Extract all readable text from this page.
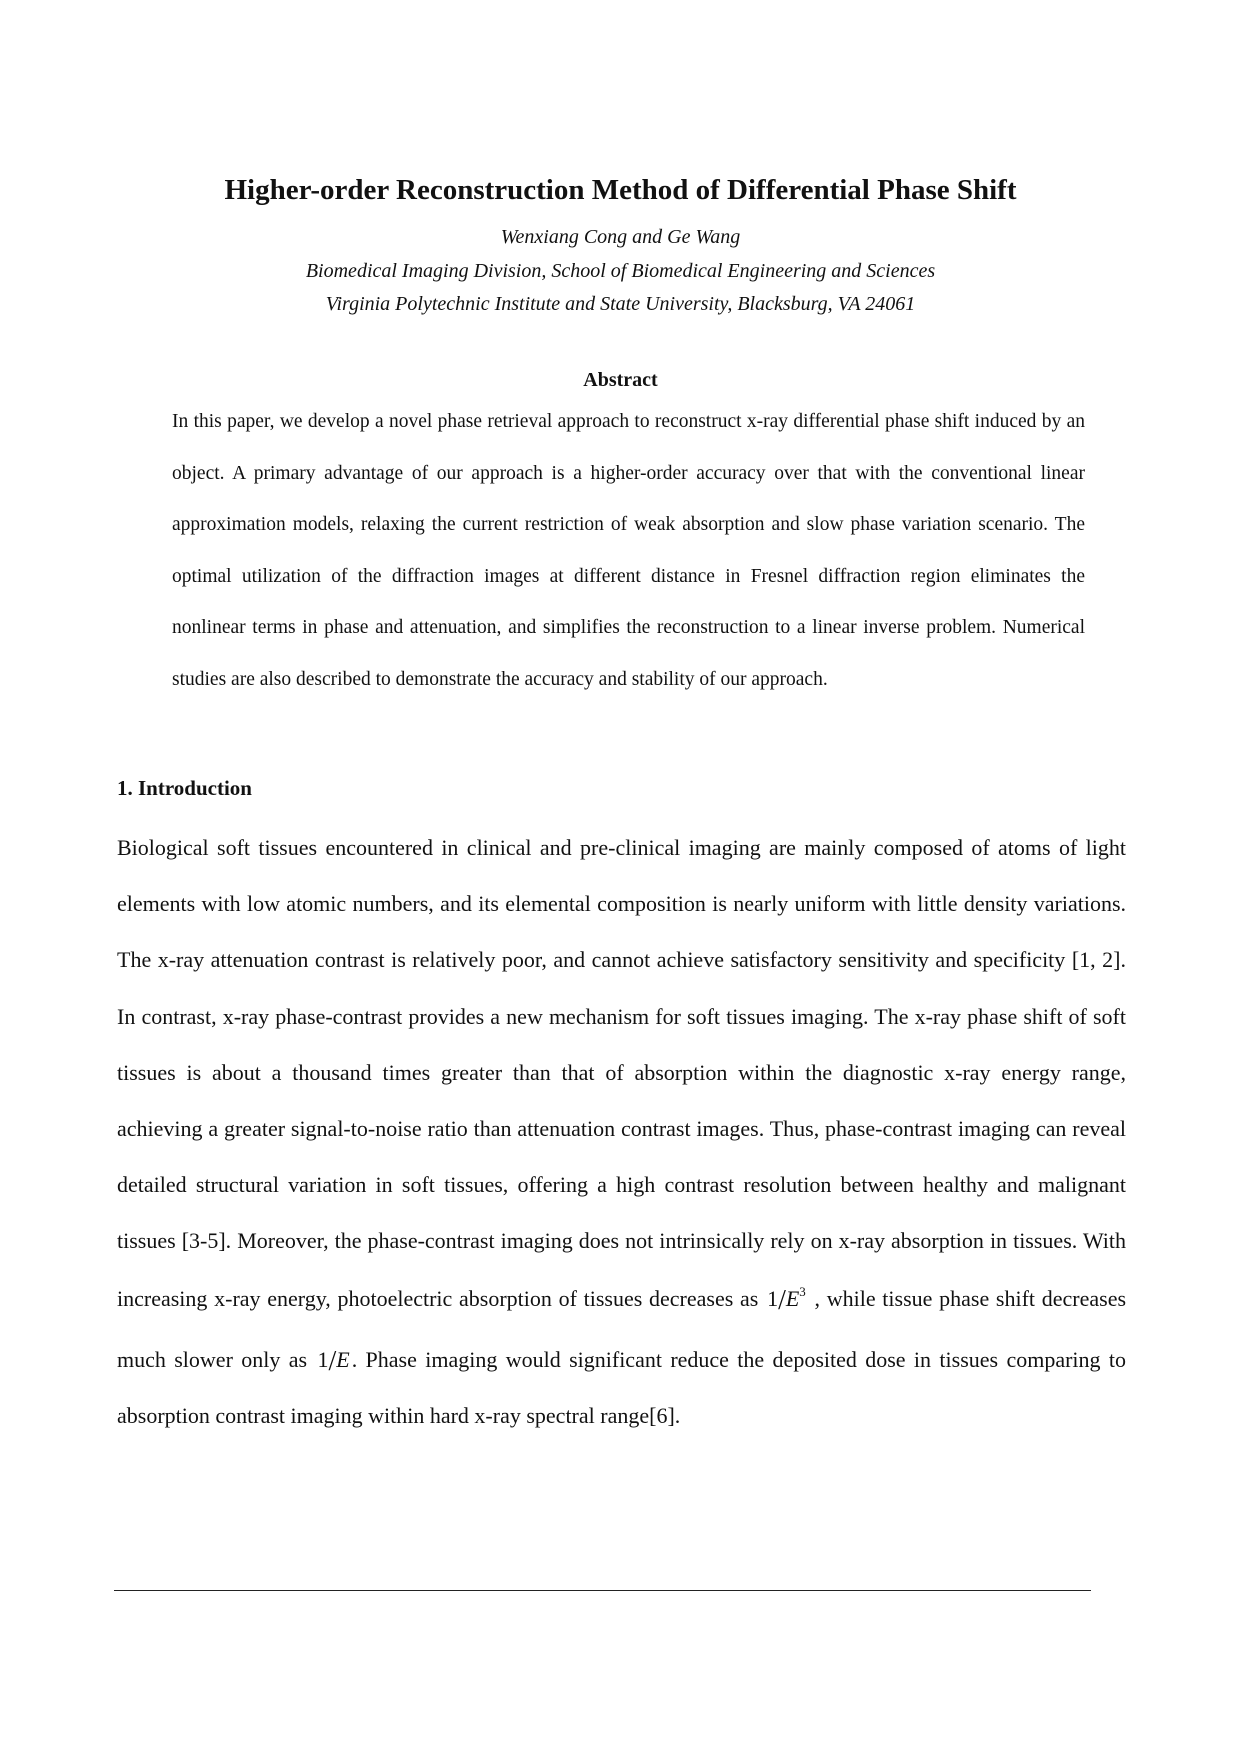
Higher-order Reconstruction Method of Differential Phase Shift
Wenxiang Cong and Ge Wang
Biomedical Imaging Division, School of Biomedical Engineering and Sciences
Virginia Polytechnic Institute and State University, Blacksburg, VA 24061
Abstract

In this paper, we develop a novel phase retrieval approach to reconstruct x-ray differential phase shift induced by an object. A primary advantage of our approach is a higher-order accuracy over that with the conventional linear approximation models, relaxing the current restriction of weak absorption and slow phase variation scenario. The optimal utilization of the diffraction images at different distance in Fresnel diffraction region eliminates the nonlinear terms in phase and attenuation, and simplifies the reconstruction to a linear inverse problem. Numerical studies are also described to demonstrate the accuracy and stability of our approach.

1. Introduction

Biological soft tissues encountered in clinical and pre-clinical imaging are mainly composed of atoms of light elements with low atomic numbers, and its elemental composition is nearly uniform with little density variations. The x-ray attenuation contrast is relatively poor, and cannot achieve satisfactory sensitivity and specificity [1, 2]. In contrast, x-ray phase-contrast provides a new mechanism for soft tissues imaging. The x-ray phase shift of soft tissues is about a thousand times greater than that of absorption within the diagnostic x-ray energy range, achieving a greater signal-to-noise ratio than attenuation contrast images. Thus, phase-contrast imaging can reveal detailed structural variation in soft tissues, offering a high contrast resolution between healthy and malignant tissues [3-5]. Moreover, the phase-contrast imaging does not intrinsically rely on x-ray absorption in tissues. With increasing x-ray energy, photoelectric absorption of tissues decreases as $1/E^3$ , while tissue phase shift decreases much slower only as 1/E. Phase imaging would significant reduce the deposited dose in tissues comparing to absorption contrast imaging within hard x-ray spectral range[6].
